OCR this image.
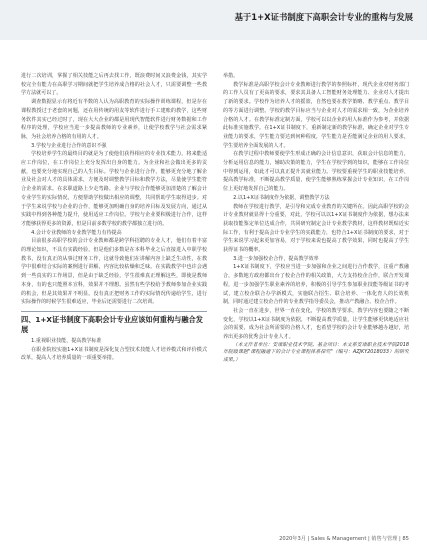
基于1+X证书制度下高职会计专业的重构与发展

进行二次培训，掌握了相关技能之后再去找工作，既浪费时间又浪费金钱，其实学校完全有能力在高职学习期间就把学生培养成合格的社会人才，只需要调整一些教学方法就可以了。

调查数据显示有将近有半数的人认为高职教育的实际操作训练课程，但是存在课程教授过于老套的问题，还在用传统的用友等软件进行手工建账的教学，这些财务软件其实已经过时了，现在大大企业的都是用现代智能软件进行财务数据和工作程序的处理，学校应当进一步提高教师的专业素养，让使学校教学与社会需求紧脉，为社会培养合格的有用的人才。

3.学校与企业进行合作的意识不强

学校培养学生的最终目的就是为了使他们获得相应的专业技术能力，将来能适应工作岗位，在工作岗位上充分发挥出自身的能力。为企业和社会做出更多的贡献，也要充分地实现自己的人生目标。学校与企业进行合作，能够更充分地了解企业及社会对人才的具体需求，方便及时调整教学目标和教学方法，尽量使学生能符合企业的需求。在求职道路上少走弯路。企业与学校合作能够更加清楚的了解会计专业学生的实际情况，方便帮助学校做出相应的调整，共同帮助学生取得进步。对于学生来说学校与企业的合作，能够更加明确自身的培养目标及发展方向，通过从实践中得到各种能力提升，使用适应工作岗位。学校与企业要积极进行合作，这样才能够获得更多的资源，但是目前多数学校的教学都独立进行的。

4.会计专业教师的专业教学能力有待提高

目前很多高职学校的会计专业教师都是跨学科招聘的专业人才，他们有着丰富的理论知识，不具有实践经验，但是他们多数是在本科毕业之后直接进入中职学校教书，没有真正的从事过财务工作，这就导致他们在讲解内容上缺乏生动性，在教学中很难结合实际的案例进行讲解，内容比较枯燥和乏味。在实践教学中也许会遇到一些真实的工作场景，但是由于缺乏经验，学生很难真正理解这些，即使是教师本身，有的也只能照本宣科，效果并不理想。虽然有些学校给予教师参加企业实践的机会，但是其效果并不明显。没有真正把财务工作的实际情况传递给学生，进行实际操作的时候学生很难适应，毕业后还需要进行二次培训。

四、1+X证书制度下高职会计专业应该如何重构与融合发展

1.重视职业技能，提高教学标准

在职业院校实施1+X证书制度是深化复合型技术技能人才培养模式和评价模式改革，提高人才培养质量的一项重要举措。

举措。

教学标准是高职学校会计专业教师进行教学的参照标杆，现代企业对财务部门的工作人员有了更高的要求，要求其具备人工智能财务处理能力、企业对人才提出了新的要求。学校作为培养人才的摇篮，自然也要在教学策略、教学重点、教学目的等方面进行调整。学校的教学目标应当与企业对人才的需求相一致，为企业培养合格的人才。在教学标准定制方面，学校可以以企业的用人标准作为参考，并依据此标准实施教学。在1+X证书制度下，重新制定新的教学标准，确定企业对学生专业能力的要求，学生能力要达到何种程度，学生能力是否能满足企业的用人要求，学生要培养全面发展的人才。

在教学过程中教师要使学生形成正确的会计信息意识，获取会计信息的能力，分析运用信息的能力，辅助决策的能力，学生在学校学到的知识，能够在工作岗位中得到运用，如此才可以真正提升其就业能力。学校要重视学生的职业技能培养，提高教学标准，不断提高教学质量，使学生能够熟练掌握会计专业知识，在工作岗位上更好地发挥自己的能力。

2.以1+X证书制度作为依据，调整教学方法

教师在学校进行教学，是引导和完成专业教育的关键所在。因此高职学校的会计专业教材就显得十分重要，对此，学校可以以1+X证书制度作为依据，想办法来获取技能鉴定单位达成合作，共同研究制定会计专业教学教材，这样教材既贴近实际工作，有利于提高会计专业学生的实践能力，也符合1+X证书制度的要求，对于学生来说学习起来更加容易，对于学校来说也提高了教学效果，同时也提高了学生获得证书的概率。

3.进一步加强校企合作，提高教学效率

1+X证书制度下，学校应当进一步加强和企业之间进行合作教学，注重产教融合，多数地方政府都出台了校企合作的相关政策，大力支持校企合作，联合开发课程，进一步加强学生职业素养的培养，积极的引导学生参加职业技能等级证书的考试，建立校企联合办学新模式，实施联合招生、联合培养、一体化育人的长效机制，同时通过建立校企合作的专业教学指导委员会，推动产教融合、校企合作。

社会一直在进步，世界一直在变化，学校的教学要求，教学内容也要随之不断变化，学校以1+X证书制度为依据，不断提高教学质量，让学生能够更快地适应社会的需要，成为社会所需要的合格人才，也希望学校的会计专业能够越办越好，培养出更多的优秀会计专业人才。

（本文作者单位：安康职业技术学院。基金项目：本文系安康职业技术学院2018年院级课题"课程融通下的会计专业课程体系探究"（编号：AZJKY2018033）的研究成果。）

2020年3月 | Sales & Management | 销售与管理 | 85
